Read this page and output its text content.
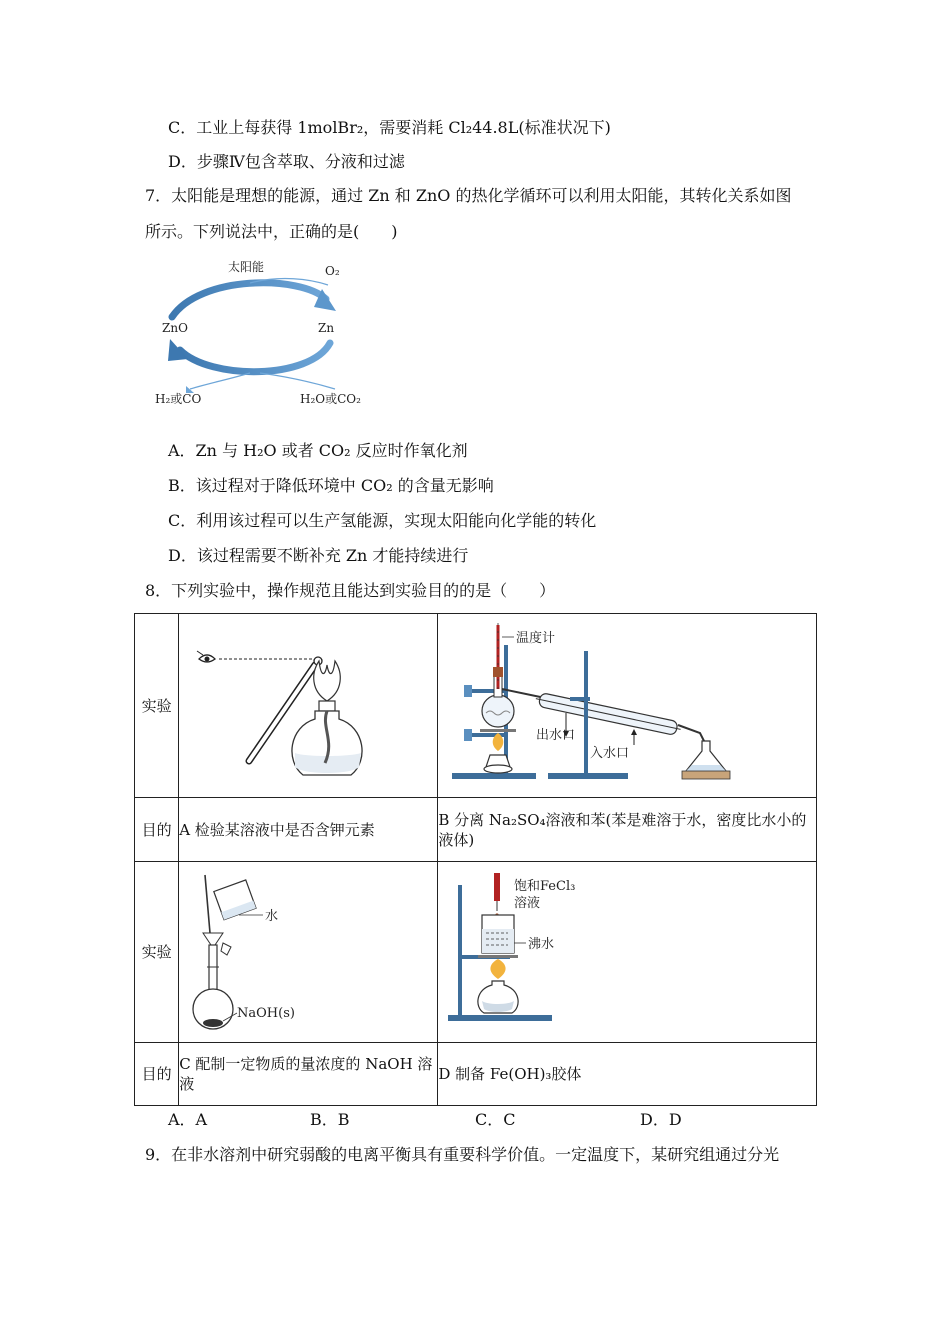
C．工业上每获得 1molBr₂，需要消耗 Cl₂44.8L(标准状况下)
D．步骤Ⅳ包含萃取、分液和过滤
7．太阳能是理想的能源，通过 Zn 和 ZnO 的热化学循环可以利用太阳能，其转化关系如图
所示。下列说法中，正确的是(　　)
太阳能	O₂
ZnO	Zn
H₂或CO	H₂O或CO₂
A．Zn 与 H₂O 或者 CO₂ 反应时作氧化剂
B．该过程对于降低环境中 CO₂ 的含量无影响
C．利用该过程可以生产氢能源，实现太阳能向化学能的转化
D．该过程需要不断补充 Zn 才能持续进行
8．下列实验中，操作规范且能达到实验目的的是（　　）
实验		温度计
出水口
入水口

目的	A 检验某溶液中是否含钾元素	B 分离 Na₂SO₄溶液和苯(苯是难溶于水，密度比水小的液体)
实验	水
NaOH(s)	饱和FeCl₃
溶液
沸水

目的	C 配制一定物质的量浓度的 NaOH 溶液	D 制备 Fe(OH)₃胶体
A．A	B．B	C．C	D．D
9．在非水溶剂中研究弱酸的电离平衡具有重要科学价值。一定温度下，某研究组通过分光
